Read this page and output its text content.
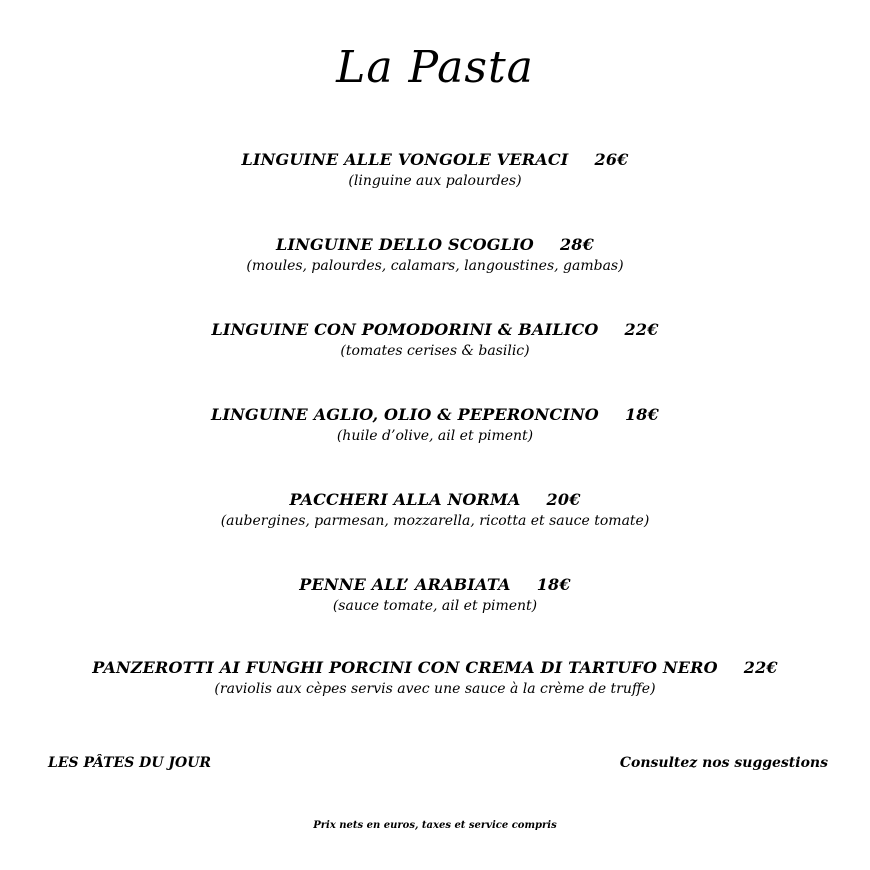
La Pasta
LINGUINE ALLE VONGOLE VERACI 26€
(linguine aux palourdes)
LINGUINE DELLO SCOGLIO 28€
(moules, palourdes, calamars, langoustines, gambas)
LINGUINE CON POMODORINI & BAILICO 22€
(tomates cerises & basilic)
LINGUINE AGLIO, OLIO & PEPERONCINO 18€
(huile d’olive, ail et piment)
PACCHERI ALLA NORMA 20€
(aubergines, parmesan, mozzarella, ricotta et sauce tomate)
PENNE ALL’ ARABIATA 18€
(sauce tomate, ail et piment)
PANZEROTTI AI FUNGHI PORCINI CON CREMA DI TARTUFO NERO 22€
(raviolis aux cèpes servis avec une sauce à la crème de truffe)
LES PÂTES DU JOUR	Consultez nos suggestions
Prix nets en euros, taxes et service compris
